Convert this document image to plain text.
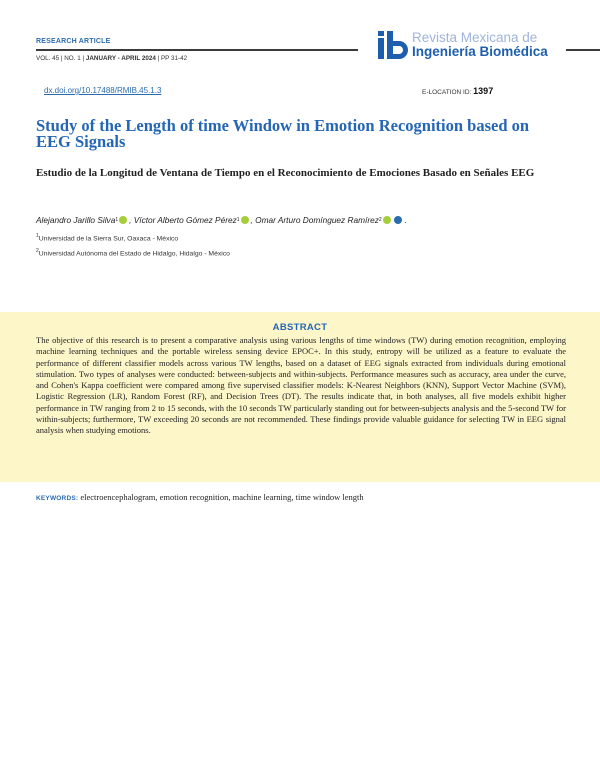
RESEARCH ARTICLE
VOL. 45 | NO. 1 | JANUARY - APRIL 2024 | PP 31-42
Revista Mexicana de
Ingeniería Biomédica
dx.doi.org/10.17488/RMIB.45.1.3	E-LOCATION ID: 1397
Study of the Length of time Window in Emotion Recognition based on EEG Signals
Estudio de la Longitud de Ventana de Tiempo en el Reconocimiento de Emociones Basado en Señales EEG
Alejandro Jarillo Silva 1 ,
Víctor Alberto Gómez Pérez 1 ,
Omar Arturo Domínguez Ramírez 2	.
$^1$Universidad de la Sierra Sur, Oaxaca - México
$^2$Universidad Autónoma del Estado de Hidalgo, Hidalgo - México
ABSTRACT

The objective of this research is to present a comparative analysis using various lengths of time windows (TW) during emotion recognition, employing machine learning techniques and the portable wireless sensing device EPOC+. In this study, entropy will be utilized as a feature to evaluate the performance of different classifier models across various TW lengths, based on a dataset of EEG signals extracted from individuals during emotional stimulation. Two types of analyses were conducted: between-subjects and within-subjects. Performance measures such as accuracy, area under the curve, and Cohen's Kappa coefficient were compared among five supervised classifier models: K-Nearest Neighbors (KNN), Support Vector Machine (SVM), Logistic Regression (LR), Random Forest (RF), and Decision Trees (DT). The results indicate that, in both analyses, all five models exhibit higher performance in TW ranging from 2 to 15 seconds, with the 10 seconds TW particularly standing out for between-subjects analysis and the 5-second TW for within-subjects; furthermore, TW exceeding 20 seconds are not recommended. These findings provide valuable guidance for selecting TW in EEG signal analysis when studying emotions.

KEYWORDS: electroencephalogram, emotion recognition, machine learning, time window length
